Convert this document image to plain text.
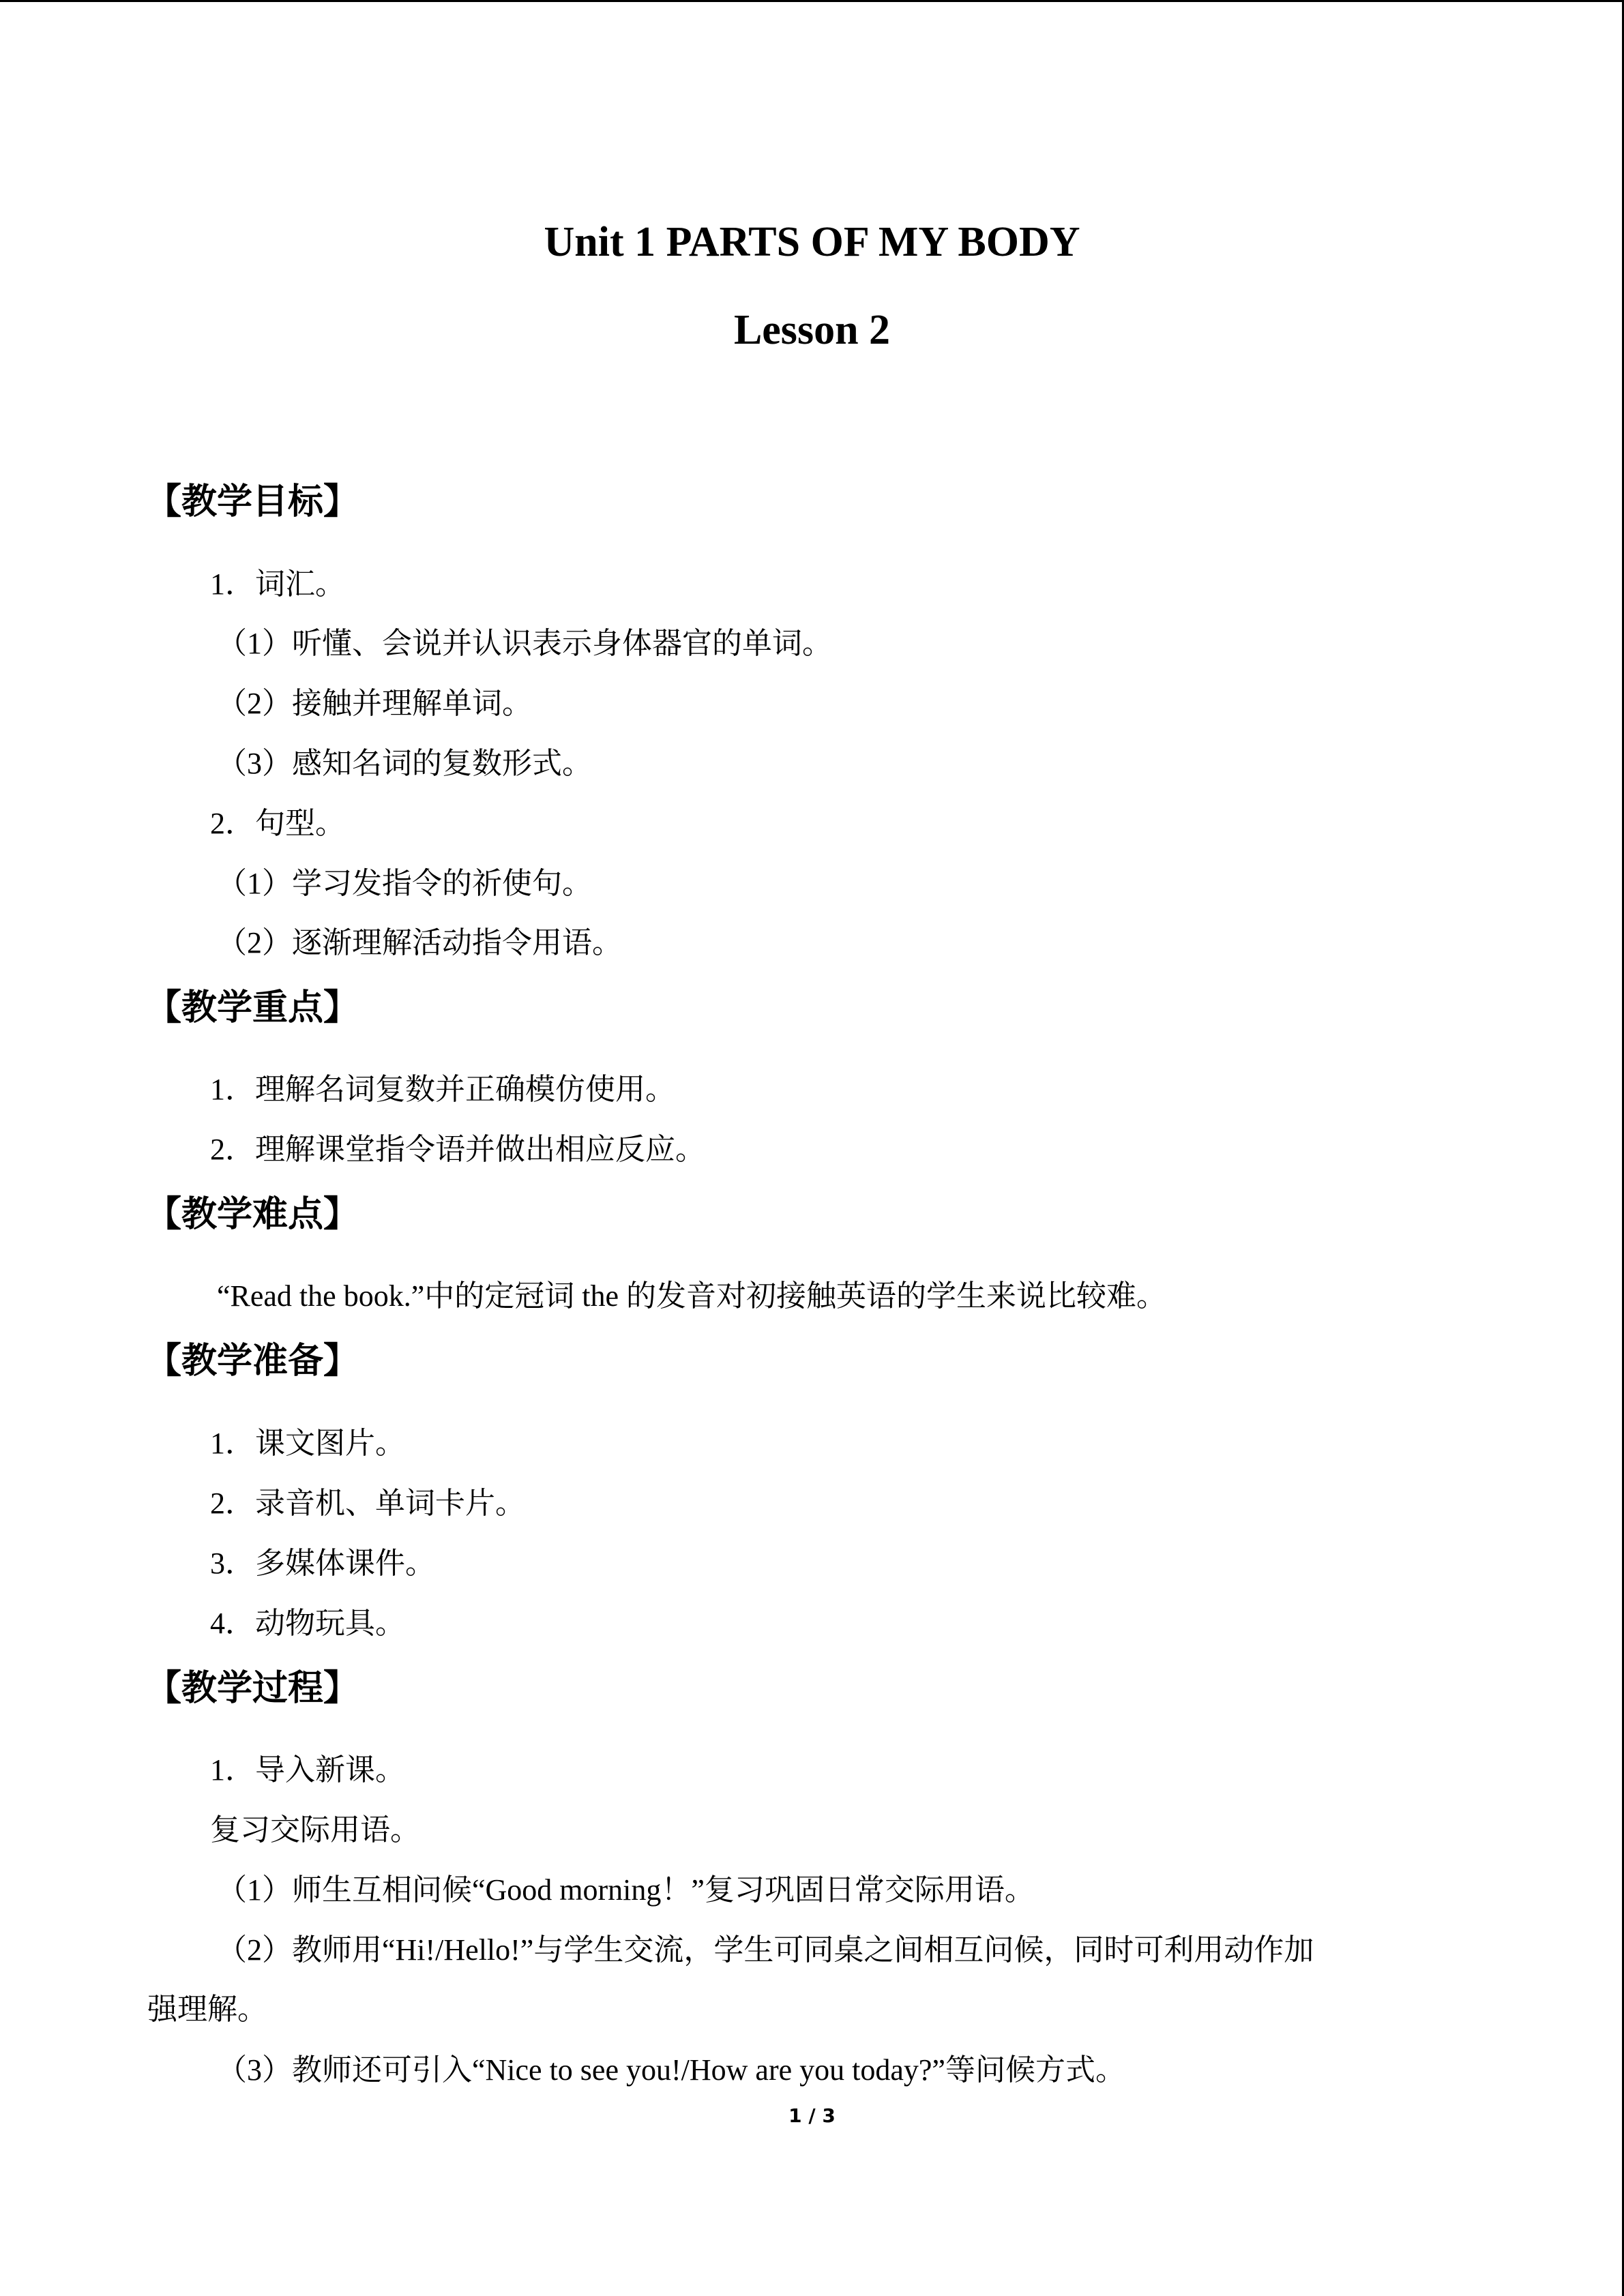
Unit 1 PARTS OF MY BODY
Lesson 2
【教学目标】

1．词汇。

（1）听懂、会说并认识表示身体器官的单词。

（2）接触并理解单词。

（3）感知名词的复数形式。

2．句型。

（1）学习发指令的祈使句。

（2）逐渐理解活动指令用语。

【教学重点】

1．理解名词复数并正确模仿使用。

2．理解课堂指令语并做出相应反应。

【教学难点】

“Read the book.”中的定冠词 the 的发音对初接触英语的学生来说比较难。

【教学准备】

1．课文图片。

2．录音机、单词卡片。

3．多媒体课件。

4．动物玩具。

【教学过程】

1．导入新课。

复习交际用语。

（1）师生互相问候“Good morning！”复习巩固日常交际用语。

（2）教师用“Hi!/Hello!”与学生交流，学生可同桌之间相互问候，同时可利用动作加

强理解。

（3）教师还可引入“Nice to see you!/How are you today?”等问候方式。

1 / 3
